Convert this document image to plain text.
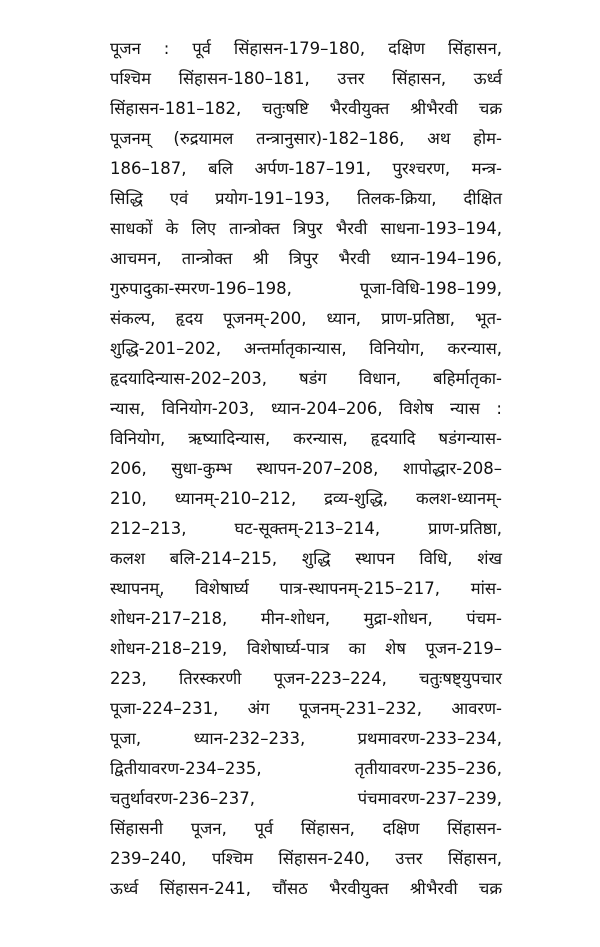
पूजन : पूर्व सिंहासन-179–180, दक्षिण सिंहासन,
पश्चिम सिंहासन-180–181, उत्तर सिंहासन, ऊर्ध्व
सिंहासन-181–182, चतुःषष्टि भैरवीयुक्त श्रीभैरवी चक्र
पूजनम् (रुद्रयामल तन्त्रानुसार)-182–186, अथ होम-
186–187, बलि अर्पण-187–191, पुरश्चरण, मन्त्र-
सिद्धि एवं प्रयोग-191–193, तिलक-क्रिया, दीक्षित
साधकों के लिए तान्त्रोक्त त्रिपुर भैरवी साधना-193–194,
आचमन, तान्त्रोक्त श्री त्रिपुर भैरवी ध्यान-194–196,
गुरुपादुका-स्मरण-196–198, पूजा-विधि-198–199,
संकल्प, हृदय पूजनम्-200, ध्यान, प्राण-प्रतिष्ठा, भूत-
शुद्धि-201–202, अन्तर्मातृकान्यास, विनियोग, करन्यास,
हृदयादिन्यास-202–203, षडंग विधान, बहिर्मातृका-
न्यास, विनियोग-203, ध्यान-204–206, विशेष न्यास :
विनियोग, ऋष्यादिन्यास, करन्यास, हृदयादि षडंगन्यास-
206, सुधा-कुम्भ स्थापन-207–208, शापोद्धार-208–
210, ध्यानम्-210–212, द्रव्य-शुद्धि, कलश-ध्यानम्-
212–213, घट-सूक्तम्-213–214, प्राण-प्रतिष्ठा,
कलश बलि-214–215, शुद्धि स्थापन विधि, शंख
स्थापनम्, विशेषार्घ्य पात्र-स्थापनम्-215–217, मांस-
शोधन-217–218, मीन-शोधन, मुद्रा-शोधन, पंचम-
शोधन-218–219, विशेषार्घ्य-पात्र का शेष पूजन-219–
223, तिरस्करणी पूजन-223–224, चतुःषष्ट्युपचार
पूजा-224–231, अंग पूजनम्-231–232, आवरण-
पूजा, ध्यान-232–233, प्रथमावरण-233–234,
द्वितीयावरण-234–235, तृतीयावरण-235–236,
चतुर्थावरण-236–237, पंचमावरण-237–239,
सिंहासनी पूजन, पूर्व सिंहासन, दक्षिण सिंहासन-
239–240, पश्चिम सिंहासन-240, उत्तर सिंहासन,
ऊर्ध्व सिंहासन-241, चौंसठ भैरवीयुक्त श्रीभैरवी चक्र
